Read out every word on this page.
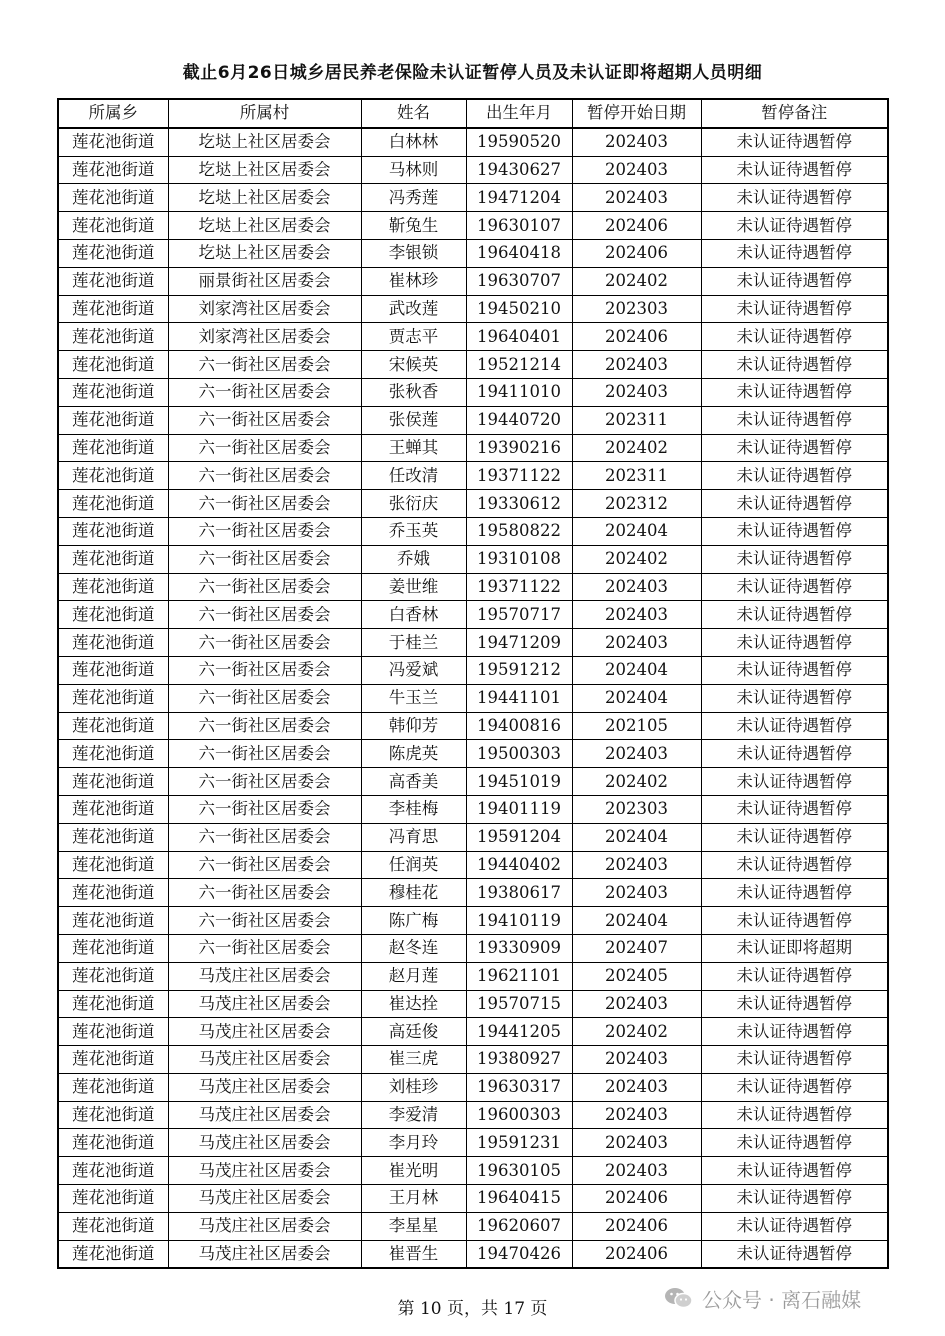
截止6月26日城乡居民养老保险未认证暂停人员及未认证即将超期人员明细
所属乡	所属村	姓名	出生年月	暂停开始日期	暂停备注
莲花池街道	圪垯上社区居委会	白林林	19590520	202403	未认证待遇暂停
莲花池街道	圪垯上社区居委会	马林则	19430627	202403	未认证待遇暂停
莲花池街道	圪垯上社区居委会	冯秀莲	19471204	202403	未认证待遇暂停
莲花池街道	圪垯上社区居委会	靳兔生	19630107	202406	未认证待遇暂停
莲花池街道	圪垯上社区居委会	李银锁	19640418	202406	未认证待遇暂停
莲花池街道	丽景街社区居委会	崔林珍	19630707	202402	未认证待遇暂停
莲花池街道	刘家湾社区居委会	武改莲	19450210	202303	未认证待遇暂停
莲花池街道	刘家湾社区居委会	贾志平	19640401	202406	未认证待遇暂停
莲花池街道	六一街社区居委会	宋候英	19521214	202403	未认证待遇暂停
莲花池街道	六一街社区居委会	张秋香	19411010	202403	未认证待遇暂停
莲花池街道	六一街社区居委会	张侯莲	19440720	202311	未认证待遇暂停
莲花池街道	六一街社区居委会	王蝉其	19390216	202402	未认证待遇暂停
莲花池街道	六一街社区居委会	任改清	19371122	202311	未认证待遇暂停
莲花池街道	六一街社区居委会	张衍庆	19330612	202312	未认证待遇暂停
莲花池街道	六一街社区居委会	乔玉英	19580822	202404	未认证待遇暂停
莲花池街道	六一街社区居委会	乔娥	19310108	202402	未认证待遇暂停
莲花池街道	六一街社区居委会	姜世维	19371122	202403	未认证待遇暂停
莲花池街道	六一街社区居委会	白香林	19570717	202403	未认证待遇暂停
莲花池街道	六一街社区居委会	于桂兰	19471209	202403	未认证待遇暂停
莲花池街道	六一街社区居委会	冯爱斌	19591212	202404	未认证待遇暂停
莲花池街道	六一街社区居委会	牛玉兰	19441101	202404	未认证待遇暂停
莲花池街道	六一街社区居委会	韩仰芳	19400816	202105	未认证待遇暂停
莲花池街道	六一街社区居委会	陈虎英	19500303	202403	未认证待遇暂停
莲花池街道	六一街社区居委会	高香美	19451019	202402	未认证待遇暂停
莲花池街道	六一街社区居委会	李桂梅	19401119	202303	未认证待遇暂停
莲花池街道	六一街社区居委会	冯育思	19591204	202404	未认证待遇暂停
莲花池街道	六一街社区居委会	任润英	19440402	202403	未认证待遇暂停
莲花池街道	六一街社区居委会	穆桂花	19380617	202403	未认证待遇暂停
莲花池街道	六一街社区居委会	陈广梅	19410119	202404	未认证待遇暂停
莲花池街道	六一街社区居委会	赵冬连	19330909	202407	未认证即将超期
莲花池街道	马茂庄社区居委会	赵月莲	19621101	202405	未认证待遇暂停
莲花池街道	马茂庄社区居委会	崔达拴	19570715	202403	未认证待遇暂停
莲花池街道	马茂庄社区居委会	高廷俊	19441205	202402	未认证待遇暂停
莲花池街道	马茂庄社区居委会	崔三虎	19380927	202403	未认证待遇暂停
莲花池街道	马茂庄社区居委会	刘桂珍	19630317	202403	未认证待遇暂停
莲花池街道	马茂庄社区居委会	李爱清	19600303	202403	未认证待遇暂停
莲花池街道	马茂庄社区居委会	李月玲	19591231	202403	未认证待遇暂停
莲花池街道	马茂庄社区居委会	崔光明	19630105	202403	未认证待遇暂停
莲花池街道	马茂庄社区居委会	王月林	19640415	202406	未认证待遇暂停
莲花池街道	马茂庄社区居委会	李星星	19620607	202406	未认证待遇暂停
莲花池街道	马茂庄社区居委会	崔晋生	19470426	202406	未认证待遇暂停
第 10 页，共 17 页	公众号 · 离石融媒
